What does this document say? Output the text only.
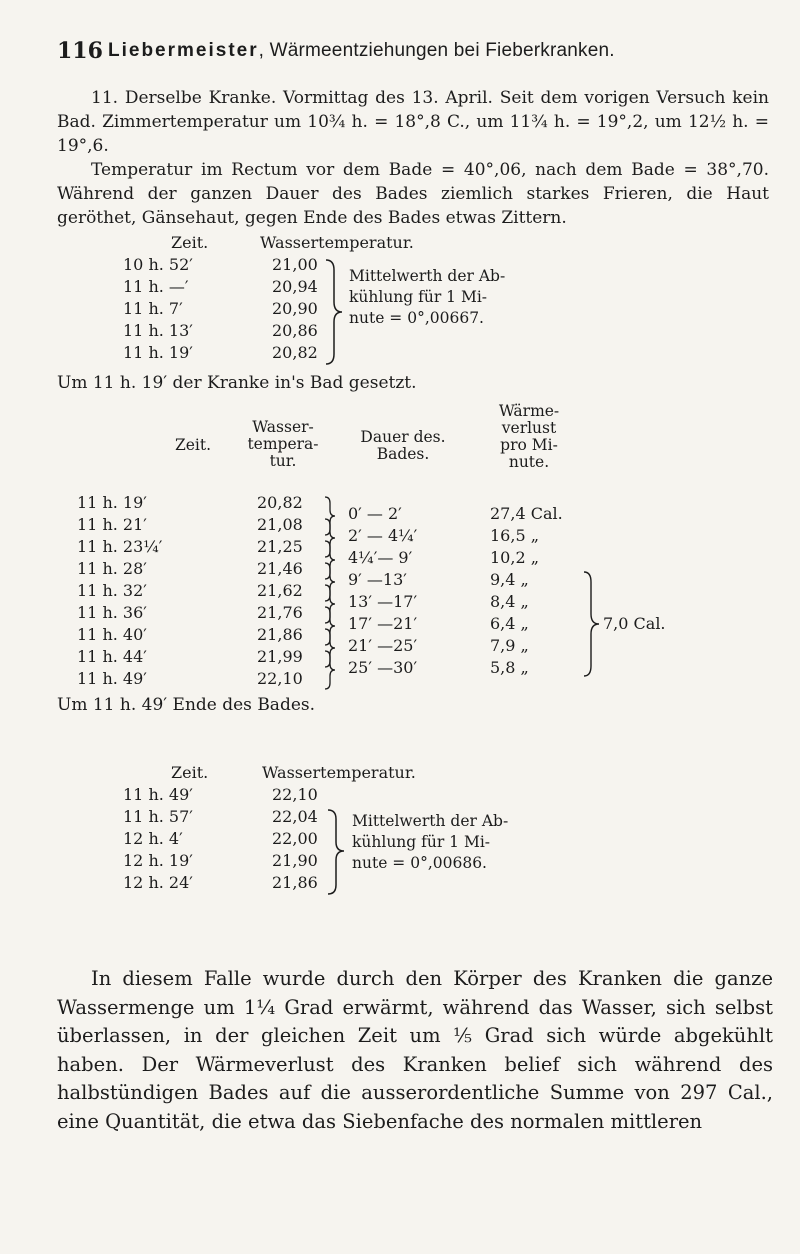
116 Liebermeister, Wärmeentziehungen bei Fieberkranken.

11. Derselbe Kranke. Vormittag des 13. April. Seit dem vorigen Versuch kein Bad. Zimmertemperatur um 10¾ h. = 18°,8 C., um 11¾ h. = 19°,2, um 12½ h. = 19°,6.

Temperatur im Rectum vor dem Bade = 40°,06, nach dem Bade = 38°,70. Während der ganzen Dauer des Bades ziemlich starkes Frieren, die Haut geröthet, Gänsehaut, gegen Ende des Bades etwas Zittern.

Zeit.	Wassertemperatur.
10 h. 52′
11 h. —′
11 h. 7′
11 h. 13′
11 h. 19′
21,00
20,94
20,90
20,86
20,82
Mittelwerth der Ab-
kühlung für 1 Mi-
nute = 0°,00667.
Um 11 h. 19′ der Kranke in's Bad gesetzt.
Zeit.
Wasser-
tempera-
tur.
Dauer des.
Bades.
Wärme-
verlust
pro Mi-
nute.
11 h. 19′
11 h. 21′
11 h. 23¼′
11 h. 28′
11 h. 32′
11 h. 36′
11 h. 40′
11 h. 44′
11 h. 49′
20,82
21,08
21,25
21,46
21,62
21,76
21,86
21,99
22,10
0′ — 2′
2′ — 4¼′
4¼′— 9′
9′ —13′
13′ —17′
17′ —21′
21′ —25′
25′ —30′
27,4 Cal.
16,5 „
10,2 „
9,4 „
8,4 „
6,4 „
7,9 „
5,8 „
7,0 Cal.
Um 11 h. 49′ Ende des Bades.
Zeit.	Wassertemperatur.
11 h. 49′
11 h. 57′
12 h. 4′
12 h. 19′
12 h. 24′
22,10
22,04
22,00
21,90
21,86
Mittelwerth der Ab-
kühlung für 1 Mi-
nute = 0°,00686.
In diesem Falle wurde durch den Körper des Kranken die ganze Wassermenge um 1¼ Grad erwärmt, während das Wasser, sich selbst überlassen, in der gleichen Zeit um ⅕ Grad sich würde abgekühlt haben. Der Wärmeverlust des Kranken belief sich während des halbstündigen Bades auf die ausserordentliche Summe von 297 Cal., eine Quantität, die etwa das Siebenfache des normalen mittleren
